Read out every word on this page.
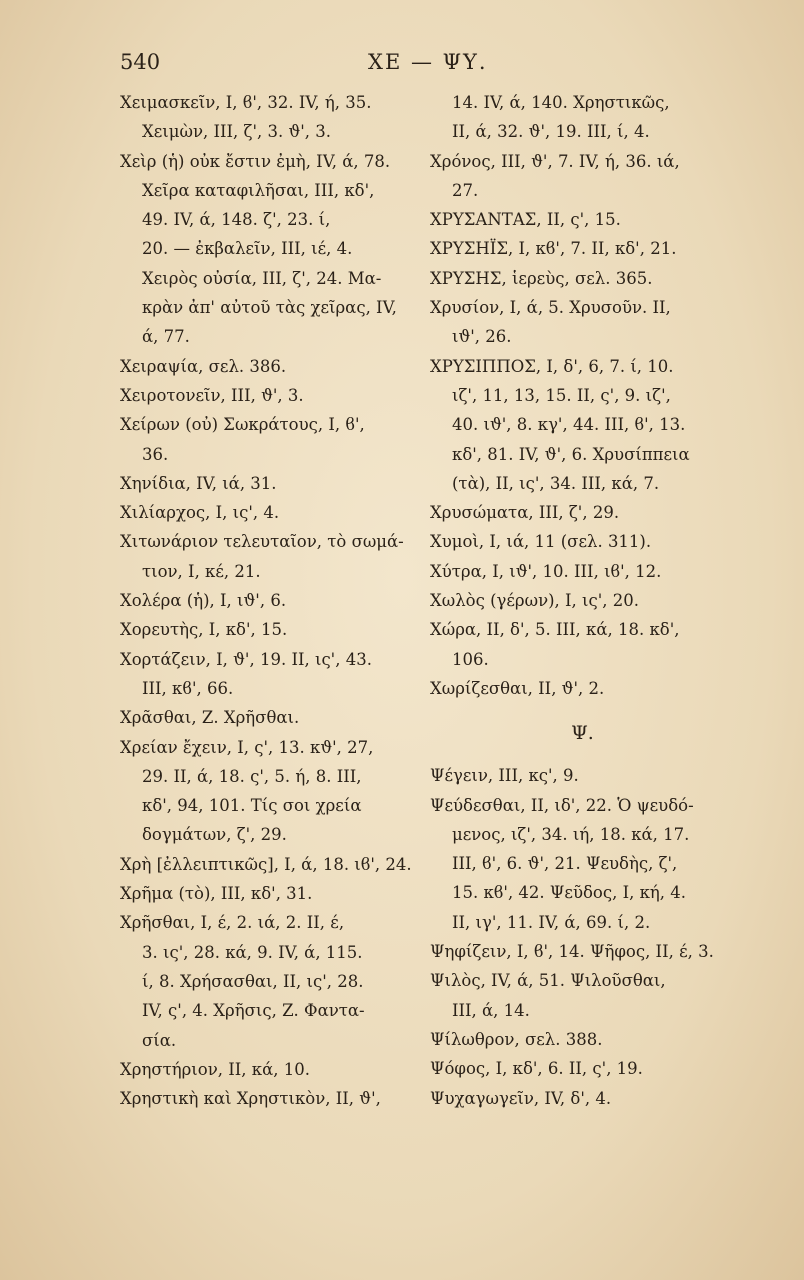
540	ΧΕ — ΨΥ.
Χειμασκεῖν, Ι, ϐ', 32. IV, ή, 35.
Χειμὼν, ΙΙΙ, ζ', 3. ϑ', 3.
Χεὶρ (ἡ) οὐκ ἔστιν ἐμὴ, IV, ά, 78.
Χεῖρα καταφιλῆσαι, ΙΙΙ, κδ',
49. IV, ά, 148. ζ', 23. ί,
20. — ἐκβαλεῖν, ΙΙΙ, ιέ, 4.
Χειρὸς οὐσία, ΙΙΙ, ζ', 24. Μα-
κρὰν ἀπ' αὐτοῦ τὰς χεῖρας, IV,
ά, 77.
Χειραψία, σελ. 386.
Χειροτονεῖν, ΙΙΙ, ϑ', 3.
Χείρων (οὐ) Σωκράτους, Ι, ϐ',
36.
Χηνίδια, IV, ιά, 31.
Χιλίαρχος, Ι, ις', 4.
Χιτωνάριον τελευταῖον, τὸ σωμά-
τιον, Ι, κέ, 21.
Χολέρα (ἡ), Ι, ιϑ', 6.
Χορευτὴς, Ι, κδ', 15.
Χορτάζειν, Ι, ϑ', 19. ΙΙ, ις', 43.
ΙΙΙ, κϐ', 66.
Χρᾶσθαι, Ζ. Χρῆσθαι.
Χρείαν ἔχειν, Ι, ς', 13. κϑ', 27,
29. ΙΙ, ά, 18. ς', 5. ή, 8. ΙΙΙ,
κδ', 94, 101. Τίς σοι χρεία
δογμάτων, ζ', 29.
Χρὴ [ἐλλειπτικῶς], Ι, ά, 18. ιϐ', 24.
Χρῆμα (τὸ), ΙΙΙ, κδ', 31.
Χρῆσθαι, Ι, έ, 2. ιά, 2. ΙΙ, έ,
3. ις', 28. κά, 9. IV, ά, 115.
ί, 8. Χρήσασθαι, ΙΙ, ις', 28.
IV, ς', 4. Χρῆσις, Ζ. Φαντα-
σία.
Χρηστήριον, ΙΙ, κά, 10.
Χρηστικὴ καὶ Χρηστικὸν, ΙΙ, ϑ',
14. IV, ά, 140. Χρηστικῶς,
ΙΙ, ά, 32. ϑ', 19. ΙΙΙ, ί, 4.
Χρόνος, ΙΙΙ, ϑ', 7. IV, ή, 36. ιά,
27.
ΧΡΥΣΑΝΤΑΣ, ΙΙ, ς', 15.
ΧΡΥΣΗΪΣ, Ι, κϐ', 7. ΙΙ, κδ', 21.
ΧΡΥΣΗΣ, ἱερεὺς, σελ. 365.
Χρυσίον, Ι, ά, 5. Χρυσοῦν. ΙΙ,
ιϑ', 26.
ΧΡΥΣΙΠΠΟΣ, Ι, δ', 6, 7. ί, 10.
ιζ', 11, 13, 15. ΙΙ, ς', 9. ιζ',
40. ιϑ', 8. κγ', 44. ΙΙΙ, ϐ', 13.
κδ', 81. IV, ϑ', 6. Χρυσίππεια
(τὰ), ΙΙ, ις', 34. ΙΙΙ, κά, 7.
Χρυσώματα, ΙΙΙ, ζ', 29.
Χυμοὶ, Ι, ιά, 11 (σελ. 311).
Χύτρα, Ι, ιϑ', 10. ΙΙΙ, ιϐ', 12.
Χωλὸς (γέρων), Ι, ις', 20.
Χώρα, ΙΙ, δ', 5. ΙΙΙ, κά, 18. κδ',
106.
Χωρίζεσθαι, ΙΙ, ϑ', 2.
Ψ.
Ψέγειν, ΙΙΙ, κς', 9.
Ψεύδεσθαι, ΙΙ, ιδ', 22. Ὁ ψευδό-
μενος, ιζ', 34. ιή, 18. κά, 17.
ΙΙΙ, ϐ', 6. ϑ', 21. Ψευδὴς, ζ',
15. κϐ', 42. Ψεῦδος, Ι, κή, 4.
ΙΙ, ιγ', 11. IV, ά, 69. ί, 2.
Ψηφίζειν, Ι, ϐ', 14. Ψῆφος, ΙΙ, έ, 3.
Ψιλὸς, IV, ά, 51. Ψιλοῦσθαι,
ΙΙΙ, ά, 14.
Ψίλωθρον, σελ. 388.
Ψόφος, Ι, κδ', 6. ΙΙ, ς', 19.
Ψυχαγωγεῖν, IV, δ', 4.
